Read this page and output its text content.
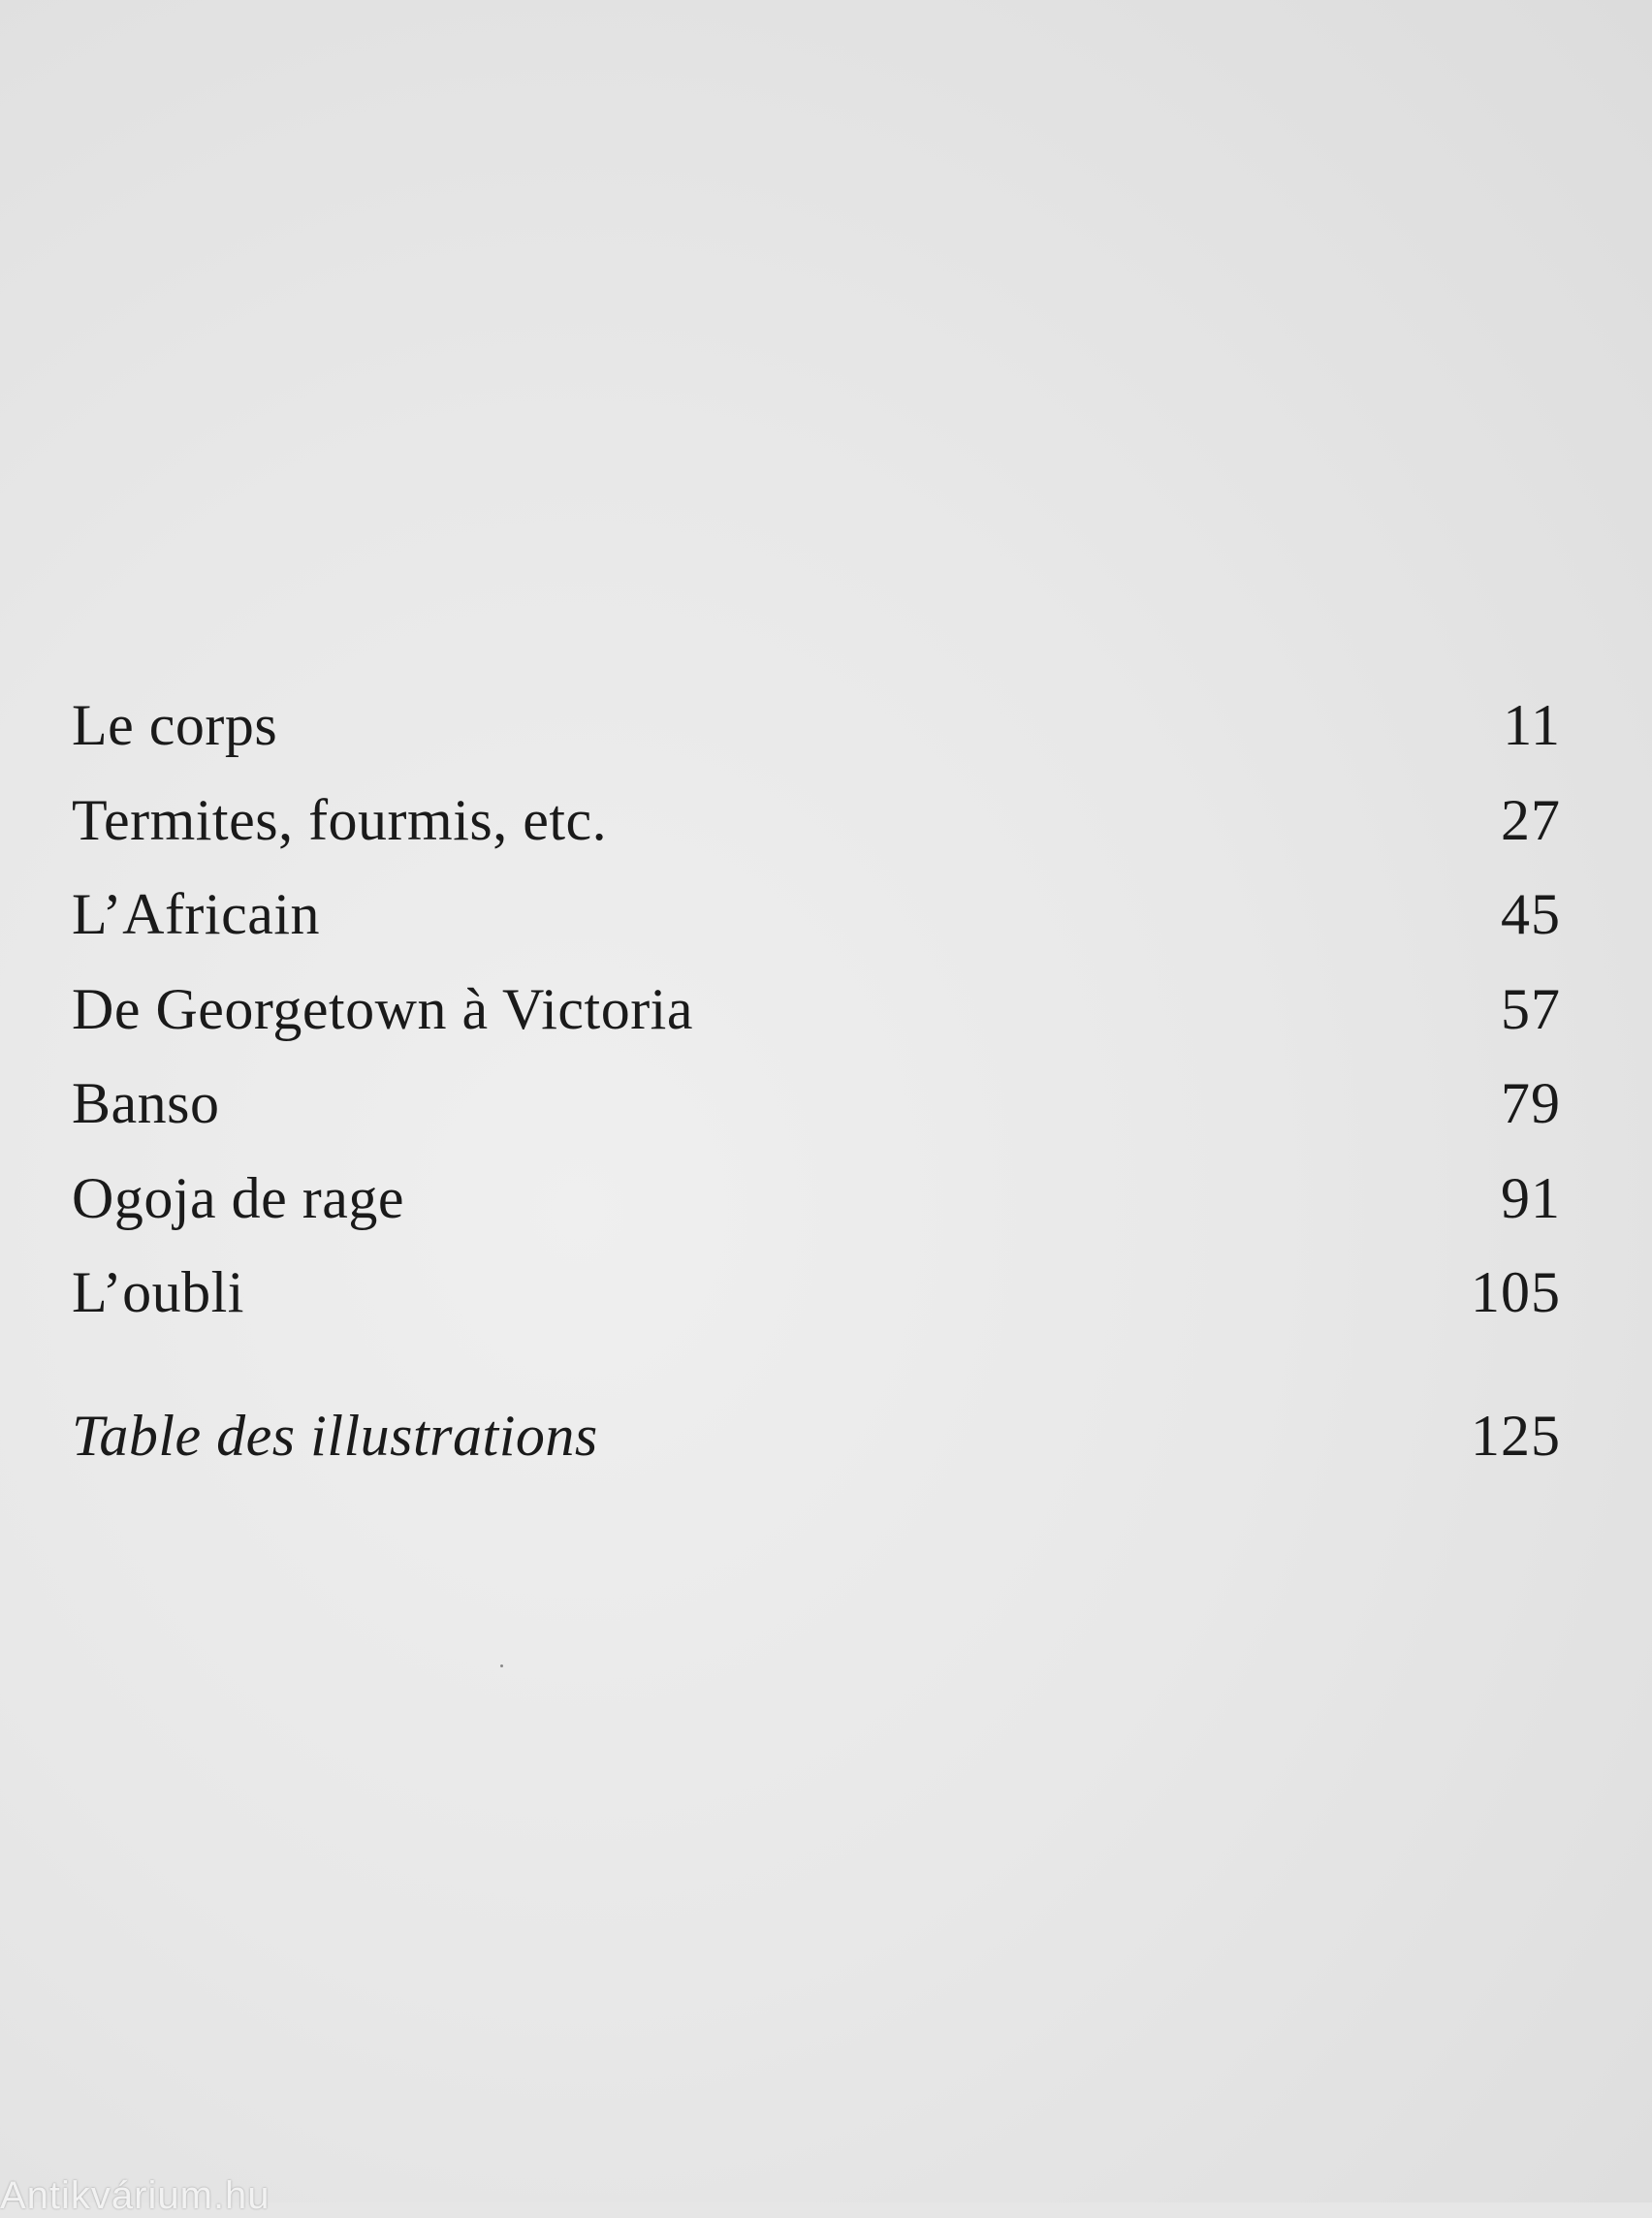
Le corps	11
Termites, fourmis, etc.	27
L’Africain	45
De Georgetown à Victoria	57
Banso	79
Ogoja de rage	91
L’oubli	105
Table des illustrations	125
Antikvárium.hu
